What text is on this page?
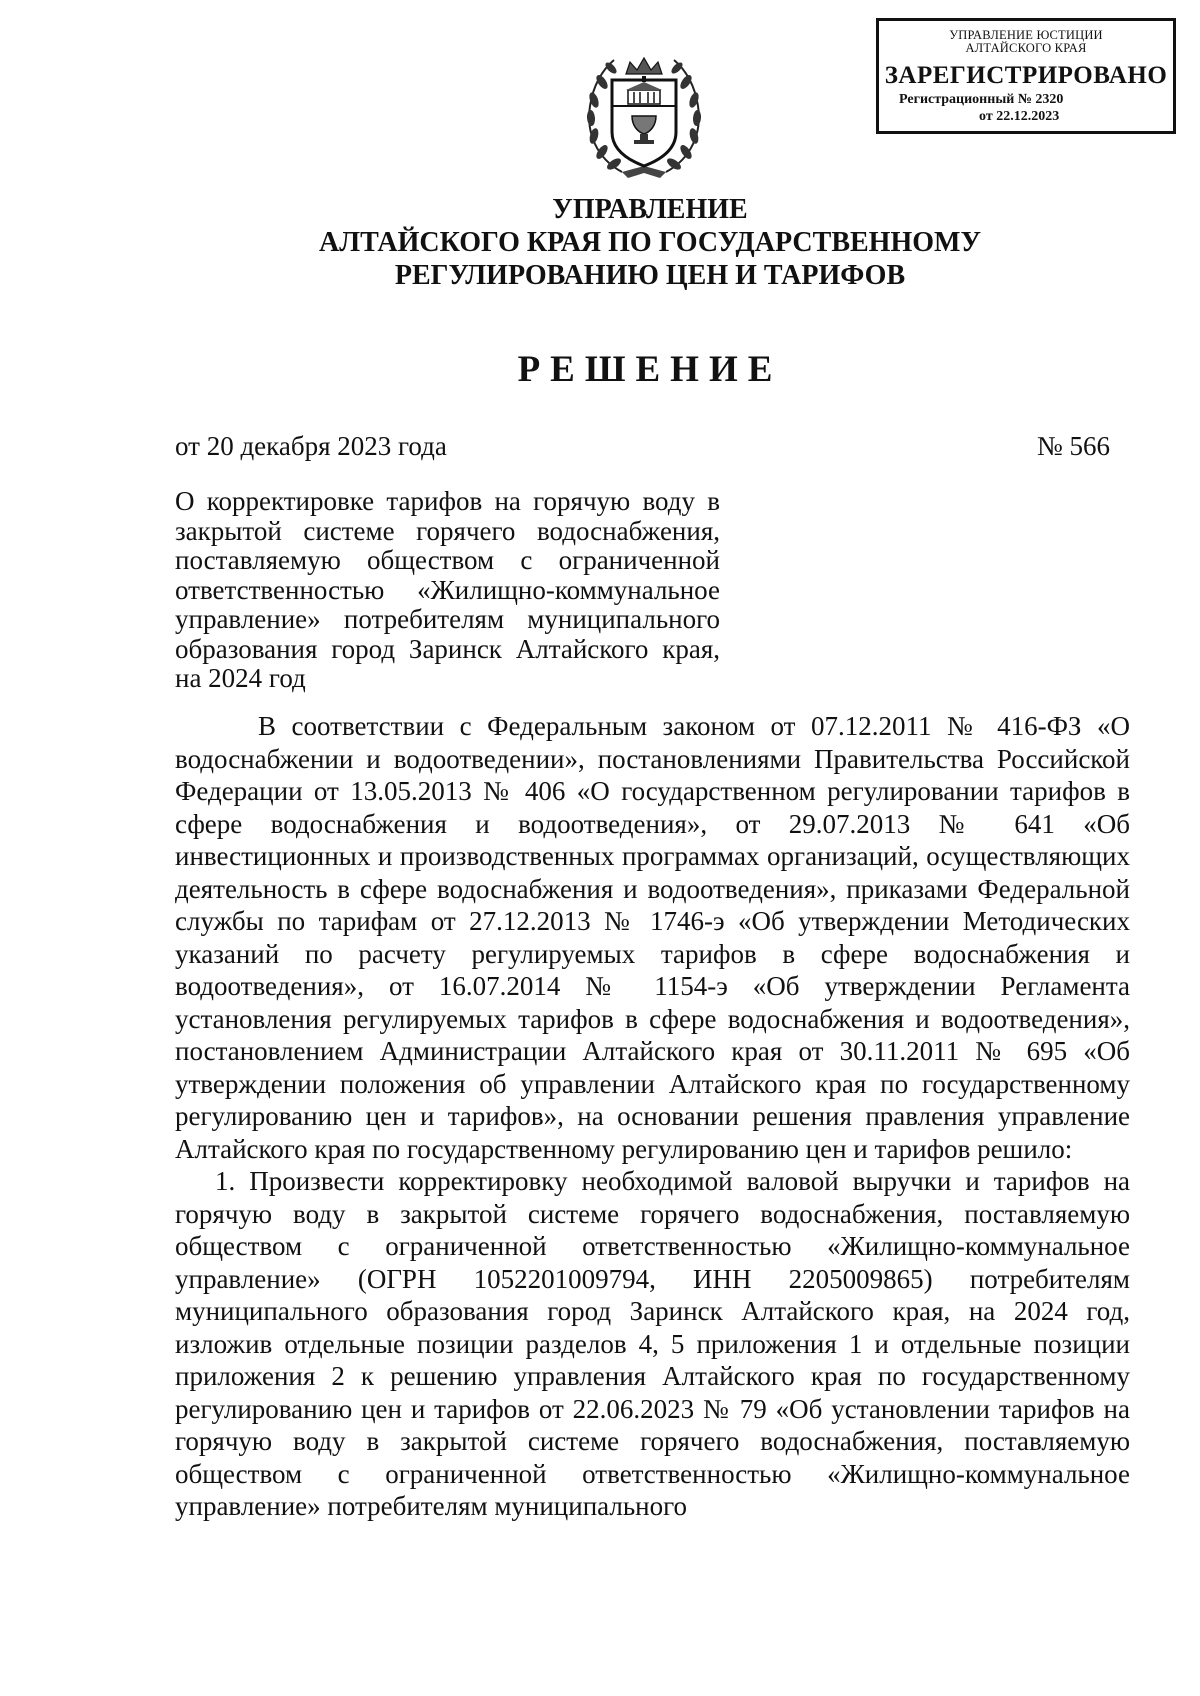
УПРАВЛЕНИЕ ЮСТИЦИИ
АЛТАЙСКОГО КРАЯ
ЗАРЕГИСТРИРОВАНО
Регистрационный № 2320
от 22.12.2023
УПРАВЛЕНИЕ
АЛТАЙСКОГО КРАЯ ПО ГОСУДАРСТВЕННОМУ
РЕГУЛИРОВАНИЮ ЦЕН И ТАРИФОВ
РЕШЕНИЕ
от 20 декабря 2023 года	№ 566
О корректировке тарифов на горячую воду в закрытой системе горячего водоснабжения, поставляемую обществом с ограниченной ответственностью «Жилищно-коммунальное управление» потребителям муниципального образования город Заринск Алтайского края, на 2024 год

В соответствии с Федеральным законом от 07.12.2011 № 416-ФЗ «О водоснабжении и водоотведении», постановлениями Правительства Российской Федерации от 13.05.2013 № 406 «О государственном регулировании тарифов в сфере водоснабжения и водоотведения», от 29.07.2013 № 641 «Об инвестиционных и производственных программах организаций, осуществляющих деятельность в сфере водоснабжения и водоотведения», приказами Федеральной службы по тарифам от 27.12.2013 № 1746-э «Об утверждении Методических указаний по расчету регулируемых тарифов в сфере водоснабжения и водоотведения», от 16.07.2014 № 1154-э «Об утверждении Регламента установления регулируемых тарифов в сфере водоснабжения и водоотведения», постановлением Администрации Алтайского края от 30.11.2011 № 695 «Об утверждении положения об управлении Алтайского края по государственному регулированию цен и тарифов», на основании решения правления управление Алтайского края по государственному регулированию цен и тарифов решило:

1. Произвести корректировку необходимой валовой выручки и тарифов на горячую воду в закрытой системе горячего водоснабжения, поставляемую обществом с ограниченной ответственностью «Жилищно-коммунальное управление» (ОГРН 1052201009794, ИНН 2205009865) потребителям муниципального образования город Заринск Алтайского края, на 2024 год, изложив отдельные позиции разделов 4, 5 приложения 1 и отдельные позиции приложения 2 к решению управления Алтайского края по государственному регулированию цен и тарифов от 22.06.2023 № 79 «Об установлении тарифов на горячую воду в закрытой системе горячего водоснабжения, поставляемую обществом с ограниченной ответственностью «Жилищно-коммунальное управление» потребителям муниципального
